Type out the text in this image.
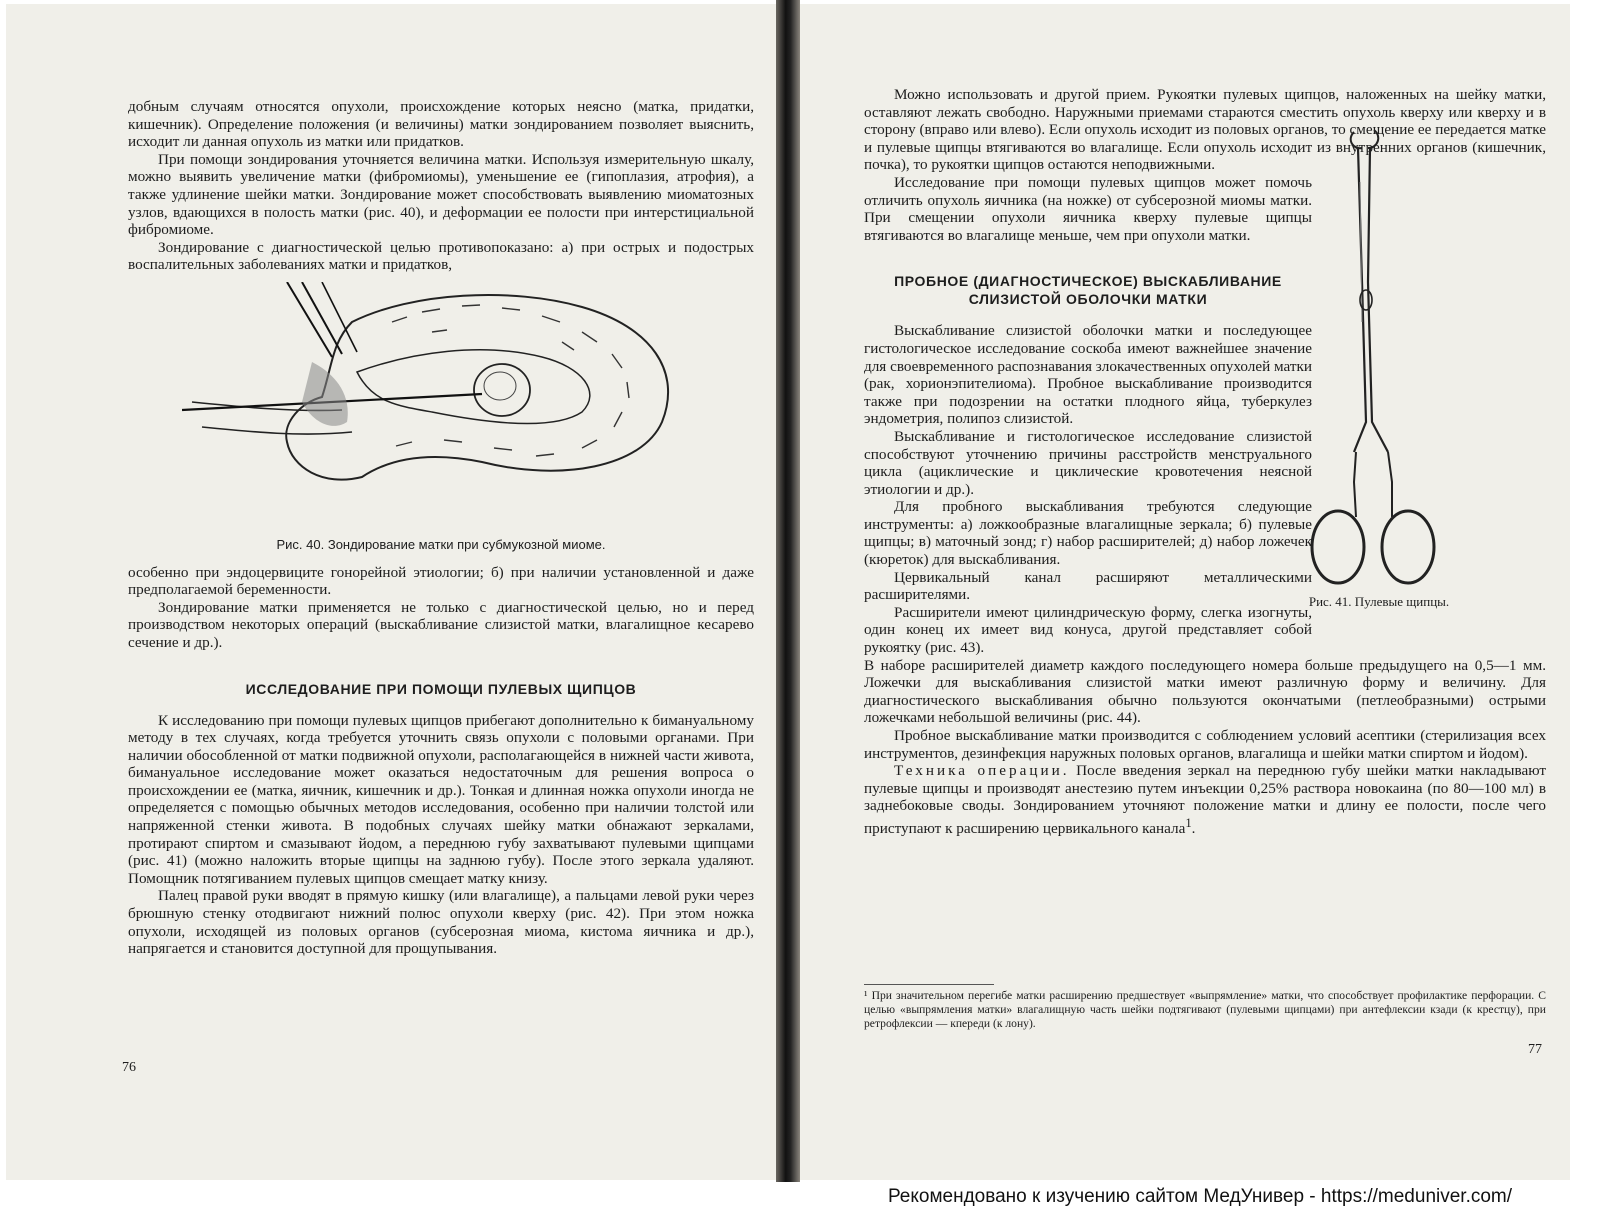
добным случаям относятся опухоли, происхождение которых неясно (матка, придатки, кишечник). Определение положения (и величины) матки зондированием позволяет выяснить, исходит ли данная опухоль из матки или придатков.

При помощи зондирования уточняется величина матки. Используя измерительную шкалу, можно выявить увеличение матки (фибромиомы), уменьшение ее (гипоплазия, атрофия), а также удлинение шейки матки. Зондирование может способствовать выявлению миоматозных узлов, вдающихся в полость матки (рис. 40), и деформации ее полости при интерстициальной фибромиоме.

Зондирование с диагностической целью противопоказано: а) при острых и подострых воспалительных заболеваниях матки и придатков,

Рис. 40. Зондирование матки при субмукозной миоме.

особенно при эндоцервиците гонорейной этиологии; б) при наличии установленной и даже предполагаемой беременности.

Зондирование матки применяется не только с диагностической целью, но и перед производством некоторых операций (выскабливание слизистой матки, влагалищное кесарево сечение и др.).

ИССЛЕДОВАНИЕ ПРИ ПОМОЩИ ПУЛЕВЫХ ЩИПЦОВ

К исследованию при помощи пулевых щипцов прибегают дополнительно к бимануальному методу в тех случаях, когда требуется уточнить связь опухоли с половыми органами. При наличии обособленной от матки подвижной опухоли, располагающейся в нижней части живота, бимануальное исследование может оказаться недостаточным для решения вопроса о происхождении ее (матка, яичник, кишечник и др.). Тонкая и длинная ножка опухоли иногда не определяется с помощью обычных методов исследования, особенно при наличии толстой или напряженной стенки живота. В подобных случаях шейку матки обнажают зеркалами, протирают спиртом и смазывают йодом, а переднюю губу захватывают пулевыми щипцами (рис. 41) (можно наложить вторые щипцы на заднюю губу). После этого зеркала удаляют. Помощник потягиванием пулевых щипцов смещает матку книзу.

Палец правой руки вводят в прямую кишку (или влагалище), а пальцами левой руки через брюшную стенку отодвигают нижний полюс опухоли кверху (рис. 42). При этом ножка опухоли, исходящей из половых органов (субсерозная миома, кистома яичника и др.), напрягается и становится доступной для прощупывания.

76

Можно использовать и другой прием. Рукоятки пулевых щипцов, наложенных на шейку матки, оставляют лежать свободно. Наружными приемами стараются сместить опухоль кверху или кверху и в сторону (вправо или влево). Если опухоль исходит из половых органов, то смещение ее передается матке и пулевые щипцы втягиваются во влагалище. Если опухоль исходит из внутренних органов (кишечник, почка), то рукоятки щипцов остаются неподвижными.

Исследование при помощи пулевых щипцов может помочь отличить опухоль яичника (на ножке) от субсерозной миомы матки. При смещении опухоли яичника кверху пулевые щипцы втягиваются во влагалище меньше, чем при опухоли матки.

ПРОБНОЕ (ДИАГНОСТИЧЕСКОЕ) ВЫСКАБЛИВАНИЕ
СЛИЗИСТОЙ ОБОЛОЧКИ МАТКИ

Выскабливание слизистой оболочки матки и последующее гистологическое исследование соскоба имеют важнейшее значение для своевременного распознавания злокачественных опухолей матки (рак, хорионэпителиома). Пробное выскабливание производится также при подозрении на остатки плодного яйца, туберкулез эндометрия, полипоз слизистой.

Выскабливание и гистологическое исследование слизистой способствуют уточнению причины расстройств менструального цикла (ациклические и циклические кровотечения неясной этиологии и др.).

Для пробного выскабливания требуются следующие инструменты: а) ложкообразные влагалищные зеркала; б) пулевые щипцы; в) маточный зонд; г) набор расширителей; д) набор ложечек (кюреток) для выскабливания.

Цервикальный канал расширяют металлическими расширителями.

Расширители имеют цилиндрическую форму, слегка изогнуты, один конец их имеет вид конуса, другой представляет собой рукоятку (рис. 43).

В наборе расширителей диаметр каждого последующего номера больше предыдущего на 0,5—1 мм. Ложечки для выскабливания слизистой матки имеют различную форму и величину. Для диагностического выскабливания обычно пользуются окончатыми (петлеобразными) острыми ложечками небольшой величины (рис. 44).

Пробное выскабливание матки производится с соблюдением условий асептики (стерилизация всех инструментов, дезинфекция наружных половых органов, влагалища и шейки матки спиртом и йодом).

Техника операции. После введения зеркал на переднюю губу шейки матки накладывают пулевые щипцы и производят анестезию путем инъекции 0,25% раствора новокаина (по 80—100 мл) в заднебоковые своды. Зондированием уточняют положение матки и длину ее полости, после чего приступают к расширению цервикального канала$^1$.

Рис. 41. Пулевые щипцы.
¹ При значительном перегибе матки расширению предшествует «выпрямление» матки, что способствует профилактике перфорации. С целью «выпрямления матки» влагалищную часть шейки подтягивают (пулевыми щипцами) при антефлексии кзади (к крестцу), при ретрофлексии — кпереди (к лону).
77
Рекомендовано к изучению сайтом МедУнивер - https://meduniver.com/
